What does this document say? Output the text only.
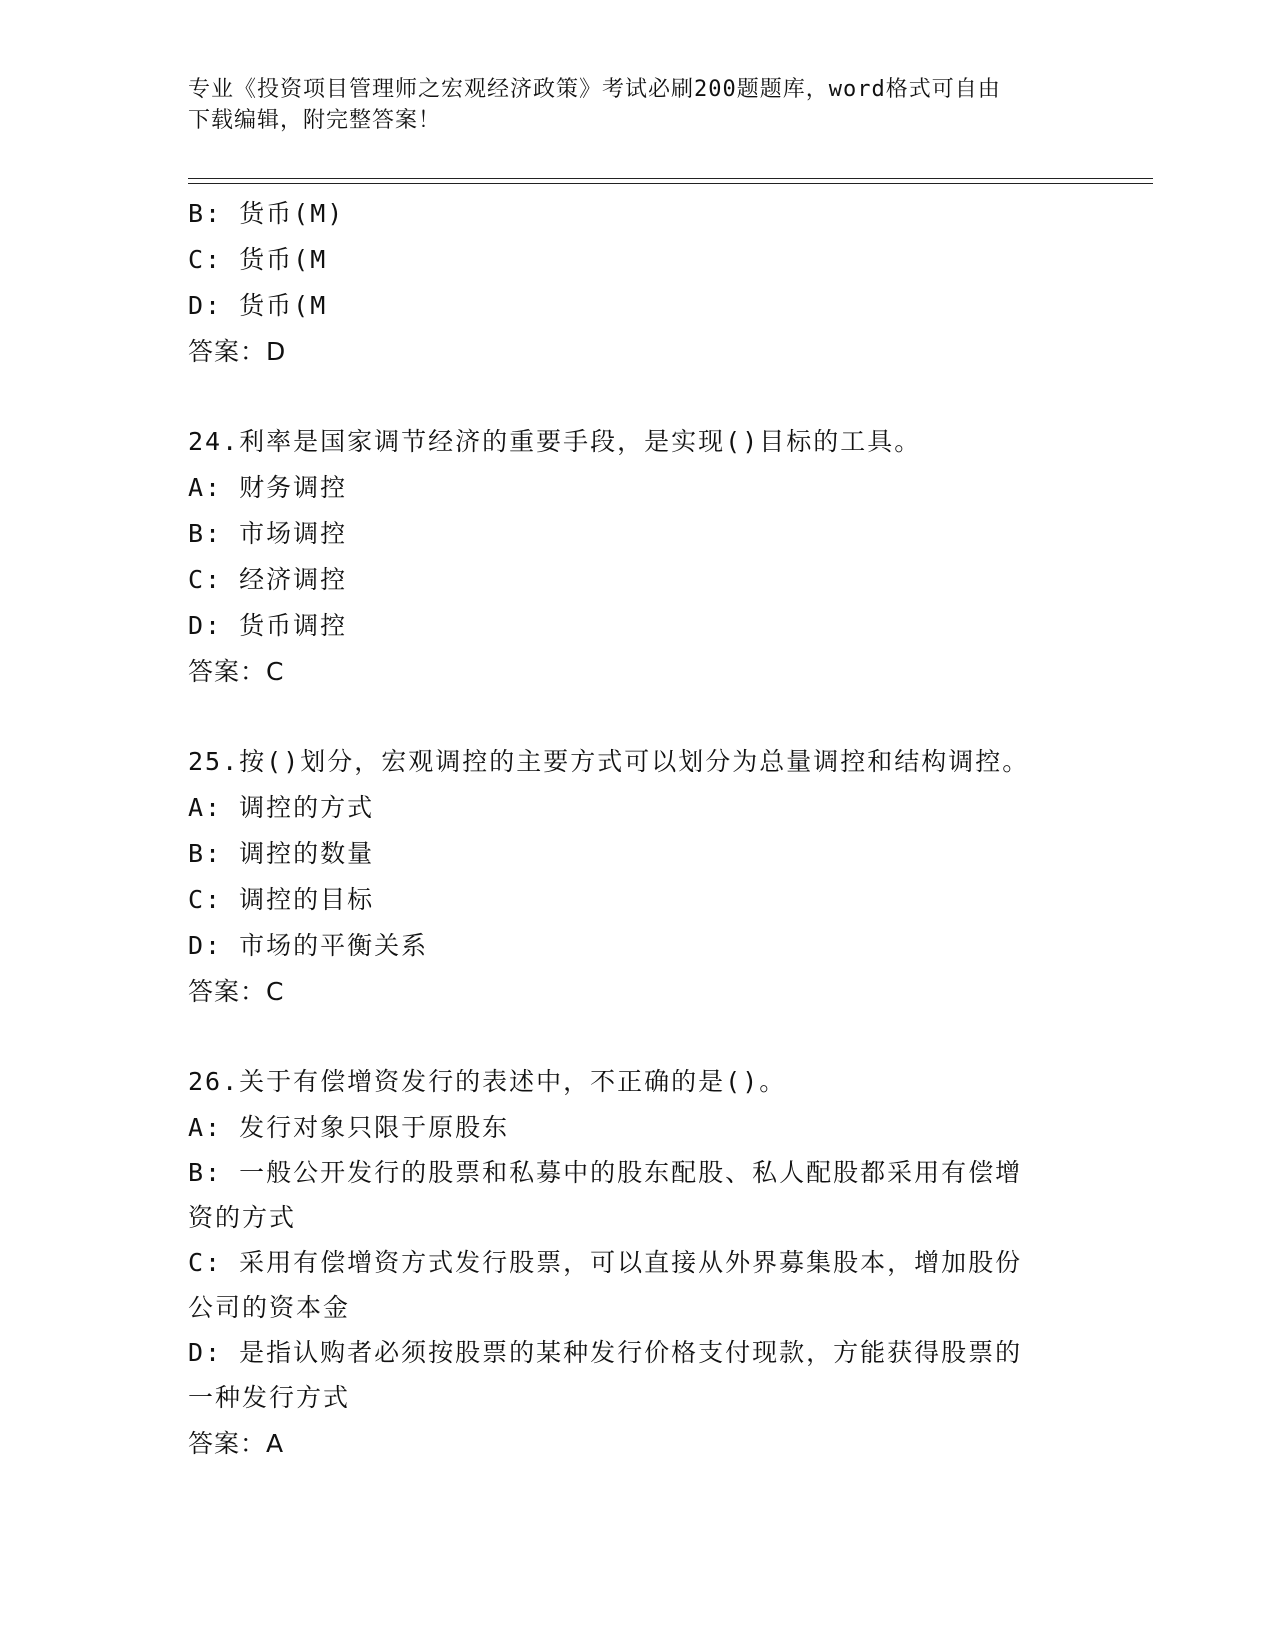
专业《投资项目管理师之宏观经济政策》考试必刷200题题库，word格式可自由
下载编辑，附完整答案！
B: 货币(M)
C: 货币(M
D: 货币(M
答案：D
24.利率是国家调节经济的重要手段，是实现()目标的工具。
A: 财务调控
B: 市场调控
C: 经济调控
D: 货币调控
答案：C
25.按()划分，宏观调控的主要方式可以划分为总量调控和结构调控。
A: 调控的方式
B: 调控的数量
C: 调控的目标
D: 市场的平衡关系
答案：C
26.关于有偿增资发行的表述中，不正确的是()。
A: 发行对象只限于原股东
B: 一般公开发行的股票和私募中的股东配股、私人配股都采用有偿增
资的方式
C: 采用有偿增资方式发行股票，可以直接从外界募集股本，增加股份
公司的资本金
D: 是指认购者必须按股票的某种发行价格支付现款，方能获得股票的
一种发行方式
答案：A
